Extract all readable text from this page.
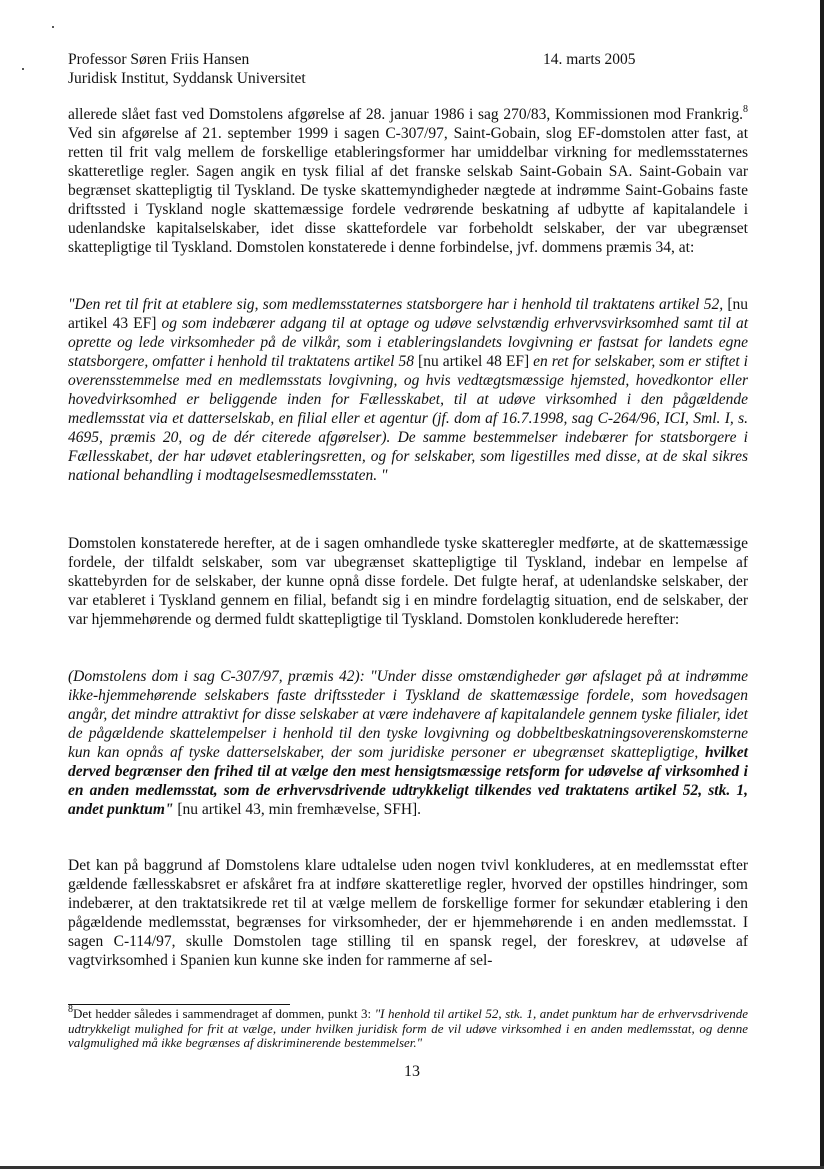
Professor Søren Friis Hansen
Juridisk Institut, Syddansk Universitet
14. marts 2005

allerede slået fast ved Domstolens afgørelse af 28. januar 1986 i sag 270/83, Kommissionen mod Frankrig.$^8$ Ved sin afgørelse af 21. september 1999 i sagen C-307/97, Saint-Gobain, slog EF-domstolen atter fast, at retten til frit valg mellem de forskellige etableringsformer har umiddelbar virkning for medlemsstaternes skatteretlige regler. Sagen angik en tysk filial af det franske selskab Saint-Gobain SA. Saint-Gobain var begrænset skattepligtig til Tyskland. De tyske skattemyndigheder nægtede at indrømme Saint-Gobains faste driftssted i Tyskland nogle skattemæssige fordele vedrørende beskatning af udbytte af kapitalandele i udenlandske kapitalselskaber, idet disse skattefordele var forbeholdt selskaber, der var ubegrænset skattepligtige til Tyskland. Domstolen konstaterede i denne forbindelse, jvf. dommens præmis 34, at:

"Den ret til frit at etablere sig, som medlemsstaternes statsborgere har i henhold til traktatens artikel 52, [nu artikel 43 EF] og som indebærer adgang til at optage og udøve selvstændig erhvervsvirksomhed samt til at oprette og lede virksomheder på de vilkår, som i etableringslandets lovgivning er fastsat for landets egne statsborgere, omfatter i henhold til traktatens artikel 58 [nu artikel 48 EF] en ret for selskaber, som er stiftet i overensstemmelse med en medlemsstats lovgivning, og hvis vedtægtsmæssige hjemsted, hovedkontor eller hovedvirksomhed er beliggende inden for Fællesskabet, til at udøve virksomhed i den pågældende medlemsstat via et datterselskab, en filial eller et agentur (jf. dom af 16.7.1998, sag C-264/96, ICI, Sml. I, s. 4695, præmis 20, og de dér citerede afgørelser). De samme bestemmelser indebærer for statsborgere i Fællesskabet, der har udøvet etableringsretten, og for selskaber, som ligestilles med disse, at de skal sikres national behandling i modtagelsesmedlemsstaten. "

Domstolen konstaterede herefter, at de i sagen omhandlede tyske skatteregler medførte, at de skattemæssige fordele, der tilfaldt selskaber, som var ubegrænset skattepligtige til Tyskland, indebar en lempelse af skattebyrden for de selskaber, der kunne opnå disse fordele. Det fulgte heraf, at udenlandske selskaber, der var etableret i Tyskland gennem en filial, befandt sig i en mindre fordelagtig situation, end de selskaber, der var hjemmehørende og dermed fuldt skattepligtige til Tyskland. Domstolen konkluderede herefter:

(Domstolens dom i sag C-307/97, præmis 42): "Under disse omstændigheder gør afslaget på at indrømme ikke-hjemmehørende selskabers faste driftssteder i Tyskland de skattemæssige fordele, som hovedsagen angår, det mindre attraktivt for disse selskaber at være indehavere af kapitalandele gennem tyske filialer, idet de pågældende skattelempelser i henhold til den tyske lovgivning og dobbeltbeskatningsoverenskomsterne kun kan opnås af tyske datterselskaber, der som juridiske personer er ubegrænset skattepligtige, hvilket derved begrænser den frihed til at vælge den mest hensigtsmæssige retsform for udøvelse af virksomhed i en anden medlemsstat, som de erhvervsdrivende udtrykkeligt tilkendes ved traktatens artikel 52, stk. 1, andet punktum" [nu artikel 43, min fremhævelse, SFH].

Det kan på baggrund af Domstolens klare udtalelse uden nogen tvivl konkluderes, at en medlemsstat efter gældende fællesskabsret er afskåret fra at indføre skatteretlige regler, hvorved der opstilles hindringer, som indebærer, at den traktatsikrede ret til at vælge mellem de forskellige former for sekundær etablering i den pågældende medlemsstat, begrænses for virksomheder, der er hjemmehørende i en anden medlemsstat. I sagen C-114/97, skulle Domstolen tage stilling til en spansk regel, der foreskrev, at udøvelse af vagtvirksomhed i Spanien kun kunne ske inden for rammerne af sel-

$^8$Det hedder således i sammendraget af dommen, punkt 3: "I henhold til artikel 52, stk. 1, andet punktum har de erhvervsdrivende udtrykkeligt mulighed for frit at vælge, under hvilken juridisk form de vil udøve virksomhed i en anden medlemsstat, og denne valgmulighed må ikke begrænses af diskriminerende bestemmelser."

13
